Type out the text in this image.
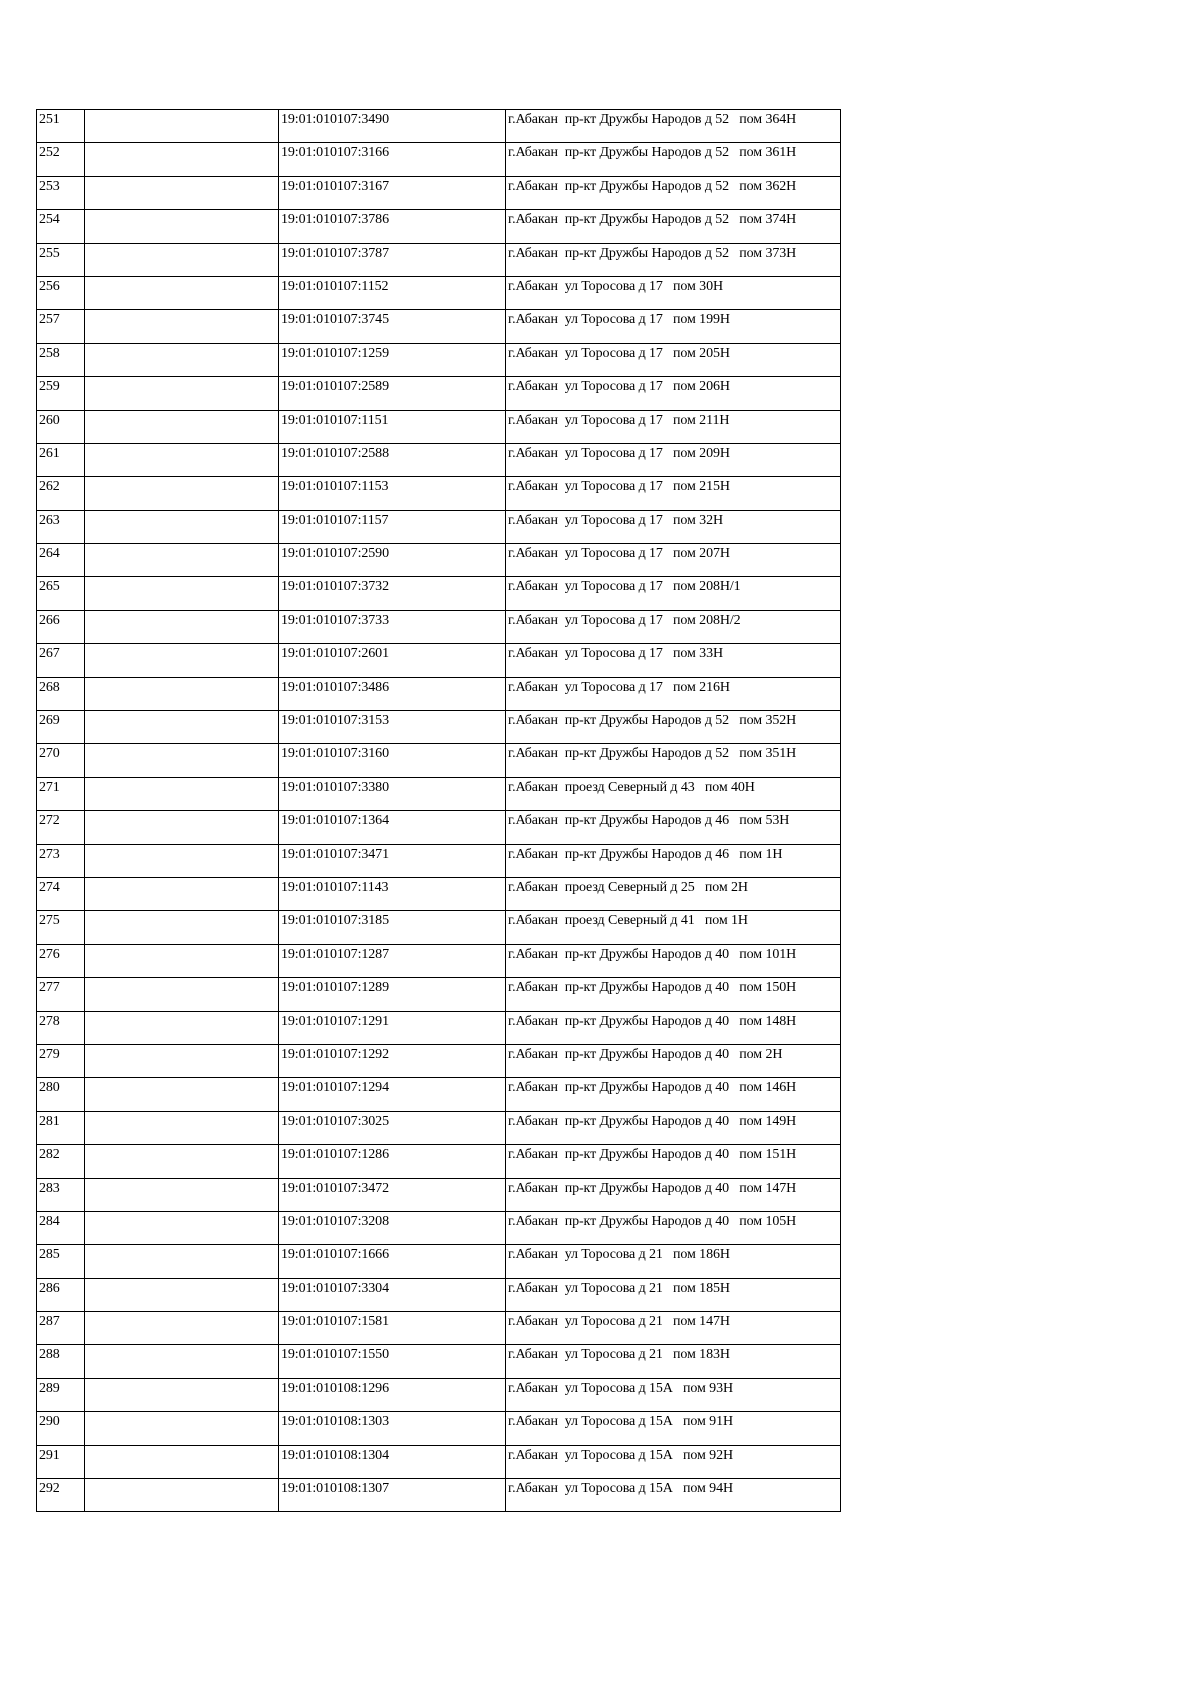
251		19:01:010107:3490	г.Абакан  пр-кт Дружбы Народов д 52   пом 364Н

252		19:01:010107:3166	г.Абакан  пр-кт Дружбы Народов д 52   пом 361Н

253		19:01:010107:3167	г.Абакан  пр-кт Дружбы Народов д 52   пом 362Н

254		19:01:010107:3786	г.Абакан  пр-кт Дружбы Народов д 52   пом 374Н

255		19:01:010107:3787	г.Абакан  пр-кт Дружбы Народов д 52   пом 373Н

256		19:01:010107:1152	г.Абакан  ул Торосова д 17   пом 30Н

257		19:01:010107:3745	г.Абакан  ул Торосова д 17   пом 199Н

258		19:01:010107:1259	г.Абакан  ул Торосова д 17   пом 205Н

259		19:01:010107:2589	г.Абакан  ул Торосова д 17   пом 206Н

260		19:01:010107:1151	г.Абакан  ул Торосова д 17   пом 211Н

261		19:01:010107:2588	г.Абакан  ул Торосова д 17   пом 209Н

262		19:01:010107:1153	г.Абакан  ул Торосова д 17   пом 215Н

263		19:01:010107:1157	г.Абакан  ул Торосова д 17   пом 32Н

264		19:01:010107:2590	г.Абакан  ул Торосова д 17   пом 207Н

265		19:01:010107:3732	г.Абакан  ул Торосова д 17   пом 208Н/1

266		19:01:010107:3733	г.Абакан  ул Торосова д 17   пом 208Н/2

267		19:01:010107:2601	г.Абакан  ул Торосова д 17   пом 33Н

268		19:01:010107:3486	г.Абакан  ул Торосова д 17   пом 216Н

269		19:01:010107:3153	г.Абакан  пр-кт Дружбы Народов д 52   пом 352Н

270		19:01:010107:3160	г.Абакан  пр-кт Дружбы Народов д 52   пом 351Н

271		19:01:010107:3380	г.Абакан  проезд Северный д 43   пом 40Н

272		19:01:010107:1364	г.Абакан  пр-кт Дружбы Народов д 46   пом 53Н

273		19:01:010107:3471	г.Абакан  пр-кт Дружбы Народов д 46   пом 1Н

274		19:01:010107:1143	г.Абакан  проезд Северный д 25   пом 2Н

275		19:01:010107:3185	г.Абакан  проезд Северный д 41   пом 1Н

276		19:01:010107:1287	г.Абакан  пр-кт Дружбы Народов д 40   пом 101Н

277		19:01:010107:1289	г.Абакан  пр-кт Дружбы Народов д 40   пом 150Н

278		19:01:010107:1291	г.Абакан  пр-кт Дружбы Народов д 40   пом 148Н

279		19:01:010107:1292	г.Абакан  пр-кт Дружбы Народов д 40   пом 2Н

280		19:01:010107:1294	г.Абакан  пр-кт Дружбы Народов д 40   пом 146Н

281		19:01:010107:3025	г.Абакан  пр-кт Дружбы Народов д 40   пом 149Н

282		19:01:010107:1286	г.Абакан  пр-кт Дружбы Народов д 40   пом 151Н

283		19:01:010107:3472	г.Абакан  пр-кт Дружбы Народов д 40   пом 147Н

284		19:01:010107:3208	г.Абакан  пр-кт Дружбы Народов д 40   пом 105Н

285		19:01:010107:1666	г.Абакан  ул Торосова д 21   пом 186Н

286		19:01:010107:3304	г.Абакан  ул Торосова д 21   пом 185Н

287		19:01:010107:1581	г.Абакан  ул Торосова д 21   пом 147Н

288		19:01:010107:1550	г.Абакан  ул Торосова д 21   пом 183Н

289		19:01:010108:1296	г.Абакан  ул Торосова д 15А   пом 93Н

290		19:01:010108:1303	г.Абакан  ул Торосова д 15А   пом 91Н

291		19:01:010108:1304	г.Абакан  ул Торосова д 15А   пом 92Н

292		19:01:010108:1307	г.Абакан  ул Торосова д 15А   пом 94Н
